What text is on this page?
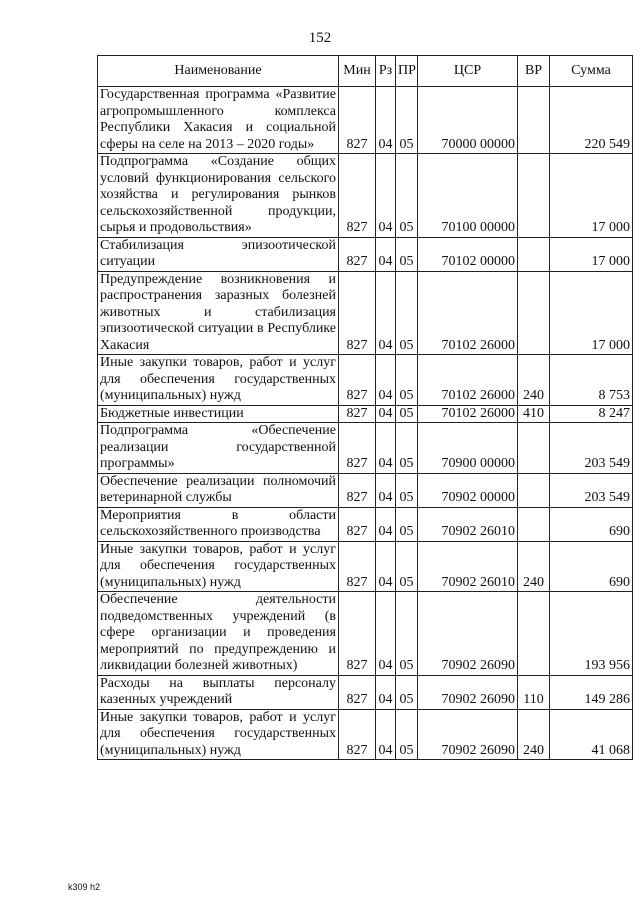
152
Наименование	Мин	Рз	ПР	ЦСР	ВР	Сумма
Государственная программа «Развитие агропромышленного комплекса Республики Хакасия и социальной сферы на селе на 2013 – 2020 годы»	827	04	05	70000 00000		220 549
Подпрограмма «Создание общих условий функционирования сельского хозяйства и регулирования рынков сельскохозяйственной продукции, сырья и продовольствия»	827	04	05	70100 00000		17 000
Стабилизация эпизоотической ситуации	827	04	05	70102 00000		17 000
Предупреждение возникновения и распространения заразных болезней животных и стабилизация эпизоотической ситуации в Республике Хакасия	827	04	05	70102 26000		17 000
Иные закупки товаров, работ и услуг для обеспечения государственных (муниципальных) нужд	827	04	05	70102 26000	240	8 753
Бюджетные инвестиции	827	04	05	70102 26000	410	8 247
Подпрограмма «Обеспечение реализации государственной программы»	827	04	05	70900 00000		203 549
Обеспечение реализации полномочий ветеринарной службы	827	04	05	70902 00000		203 549
Мероприятия в области сельскохозяйственного производства	827	04	05	70902 26010		690
Иные закупки товаров, работ и услуг для обеспечения государственных (муниципальных) нужд	827	04	05	70902 26010	240	690
Обеспечение деятельности подведомственных учреждений (в сфере организации и проведения мероприятий по предупреждению и ликвидации болезней животных)	827	04	05	70902 26090		193 956
Расходы на выплаты персоналу казенных учреждений	827	04	05	70902 26090	110	149 286
Иные закупки товаров, работ и услуг для обеспечения государственных (муниципальных) нужд	827	04	05	70902 26090	240	41 068
k309 h2
